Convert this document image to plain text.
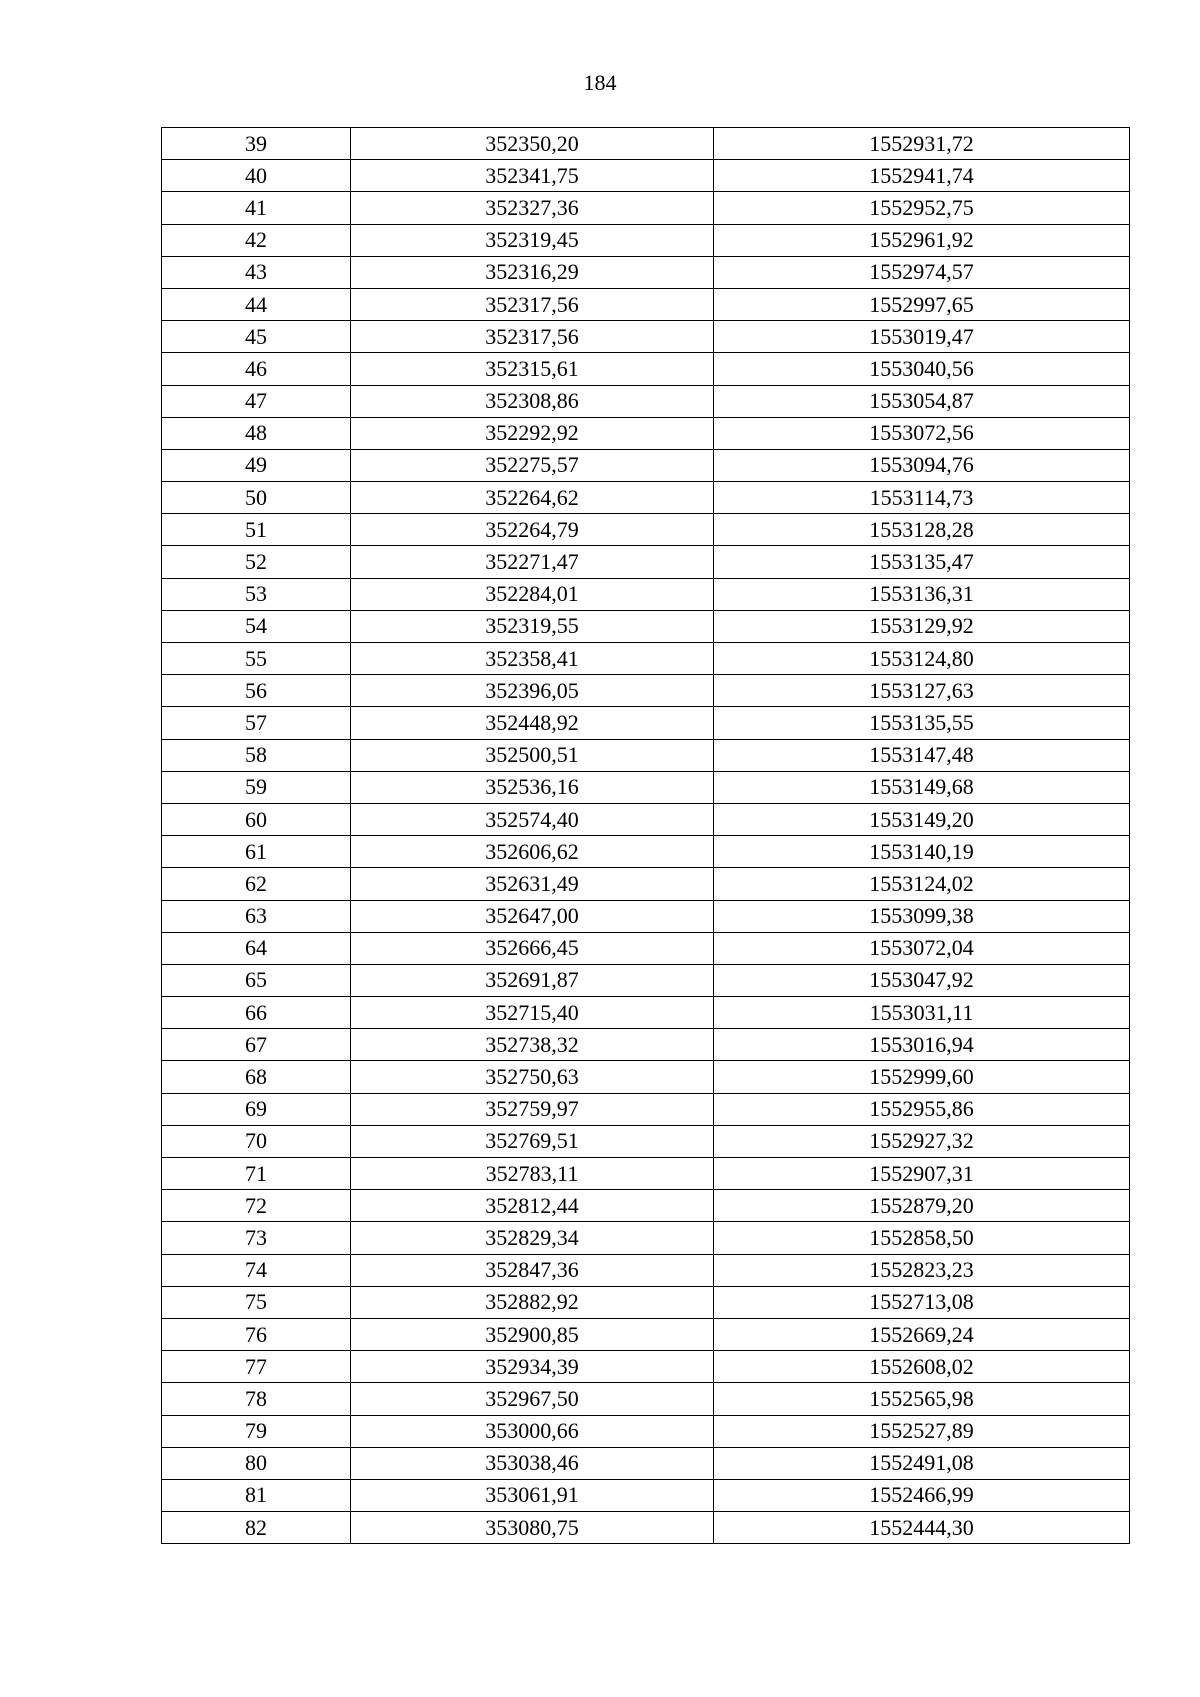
184
39	352350,20	1552931,72
40	352341,75	1552941,74
41	352327,36	1552952,75
42	352319,45	1552961,92
43	352316,29	1552974,57
44	352317,56	1552997,65
45	352317,56	1553019,47
46	352315,61	1553040,56
47	352308,86	1553054,87
48	352292,92	1553072,56
49	352275,57	1553094,76
50	352264,62	1553114,73
51	352264,79	1553128,28
52	352271,47	1553135,47
53	352284,01	1553136,31
54	352319,55	1553129,92
55	352358,41	1553124,80
56	352396,05	1553127,63
57	352448,92	1553135,55
58	352500,51	1553147,48
59	352536,16	1553149,68
60	352574,40	1553149,20
61	352606,62	1553140,19
62	352631,49	1553124,02
63	352647,00	1553099,38
64	352666,45	1553072,04
65	352691,87	1553047,92
66	352715,40	1553031,11
67	352738,32	1553016,94
68	352750,63	1552999,60
69	352759,97	1552955,86
70	352769,51	1552927,32
71	352783,11	1552907,31
72	352812,44	1552879,20
73	352829,34	1552858,50
74	352847,36	1552823,23
75	352882,92	1552713,08
76	352900,85	1552669,24
77	352934,39	1552608,02
78	352967,50	1552565,98
79	353000,66	1552527,89
80	353038,46	1552491,08
81	353061,91	1552466,99
82	353080,75	1552444,30
